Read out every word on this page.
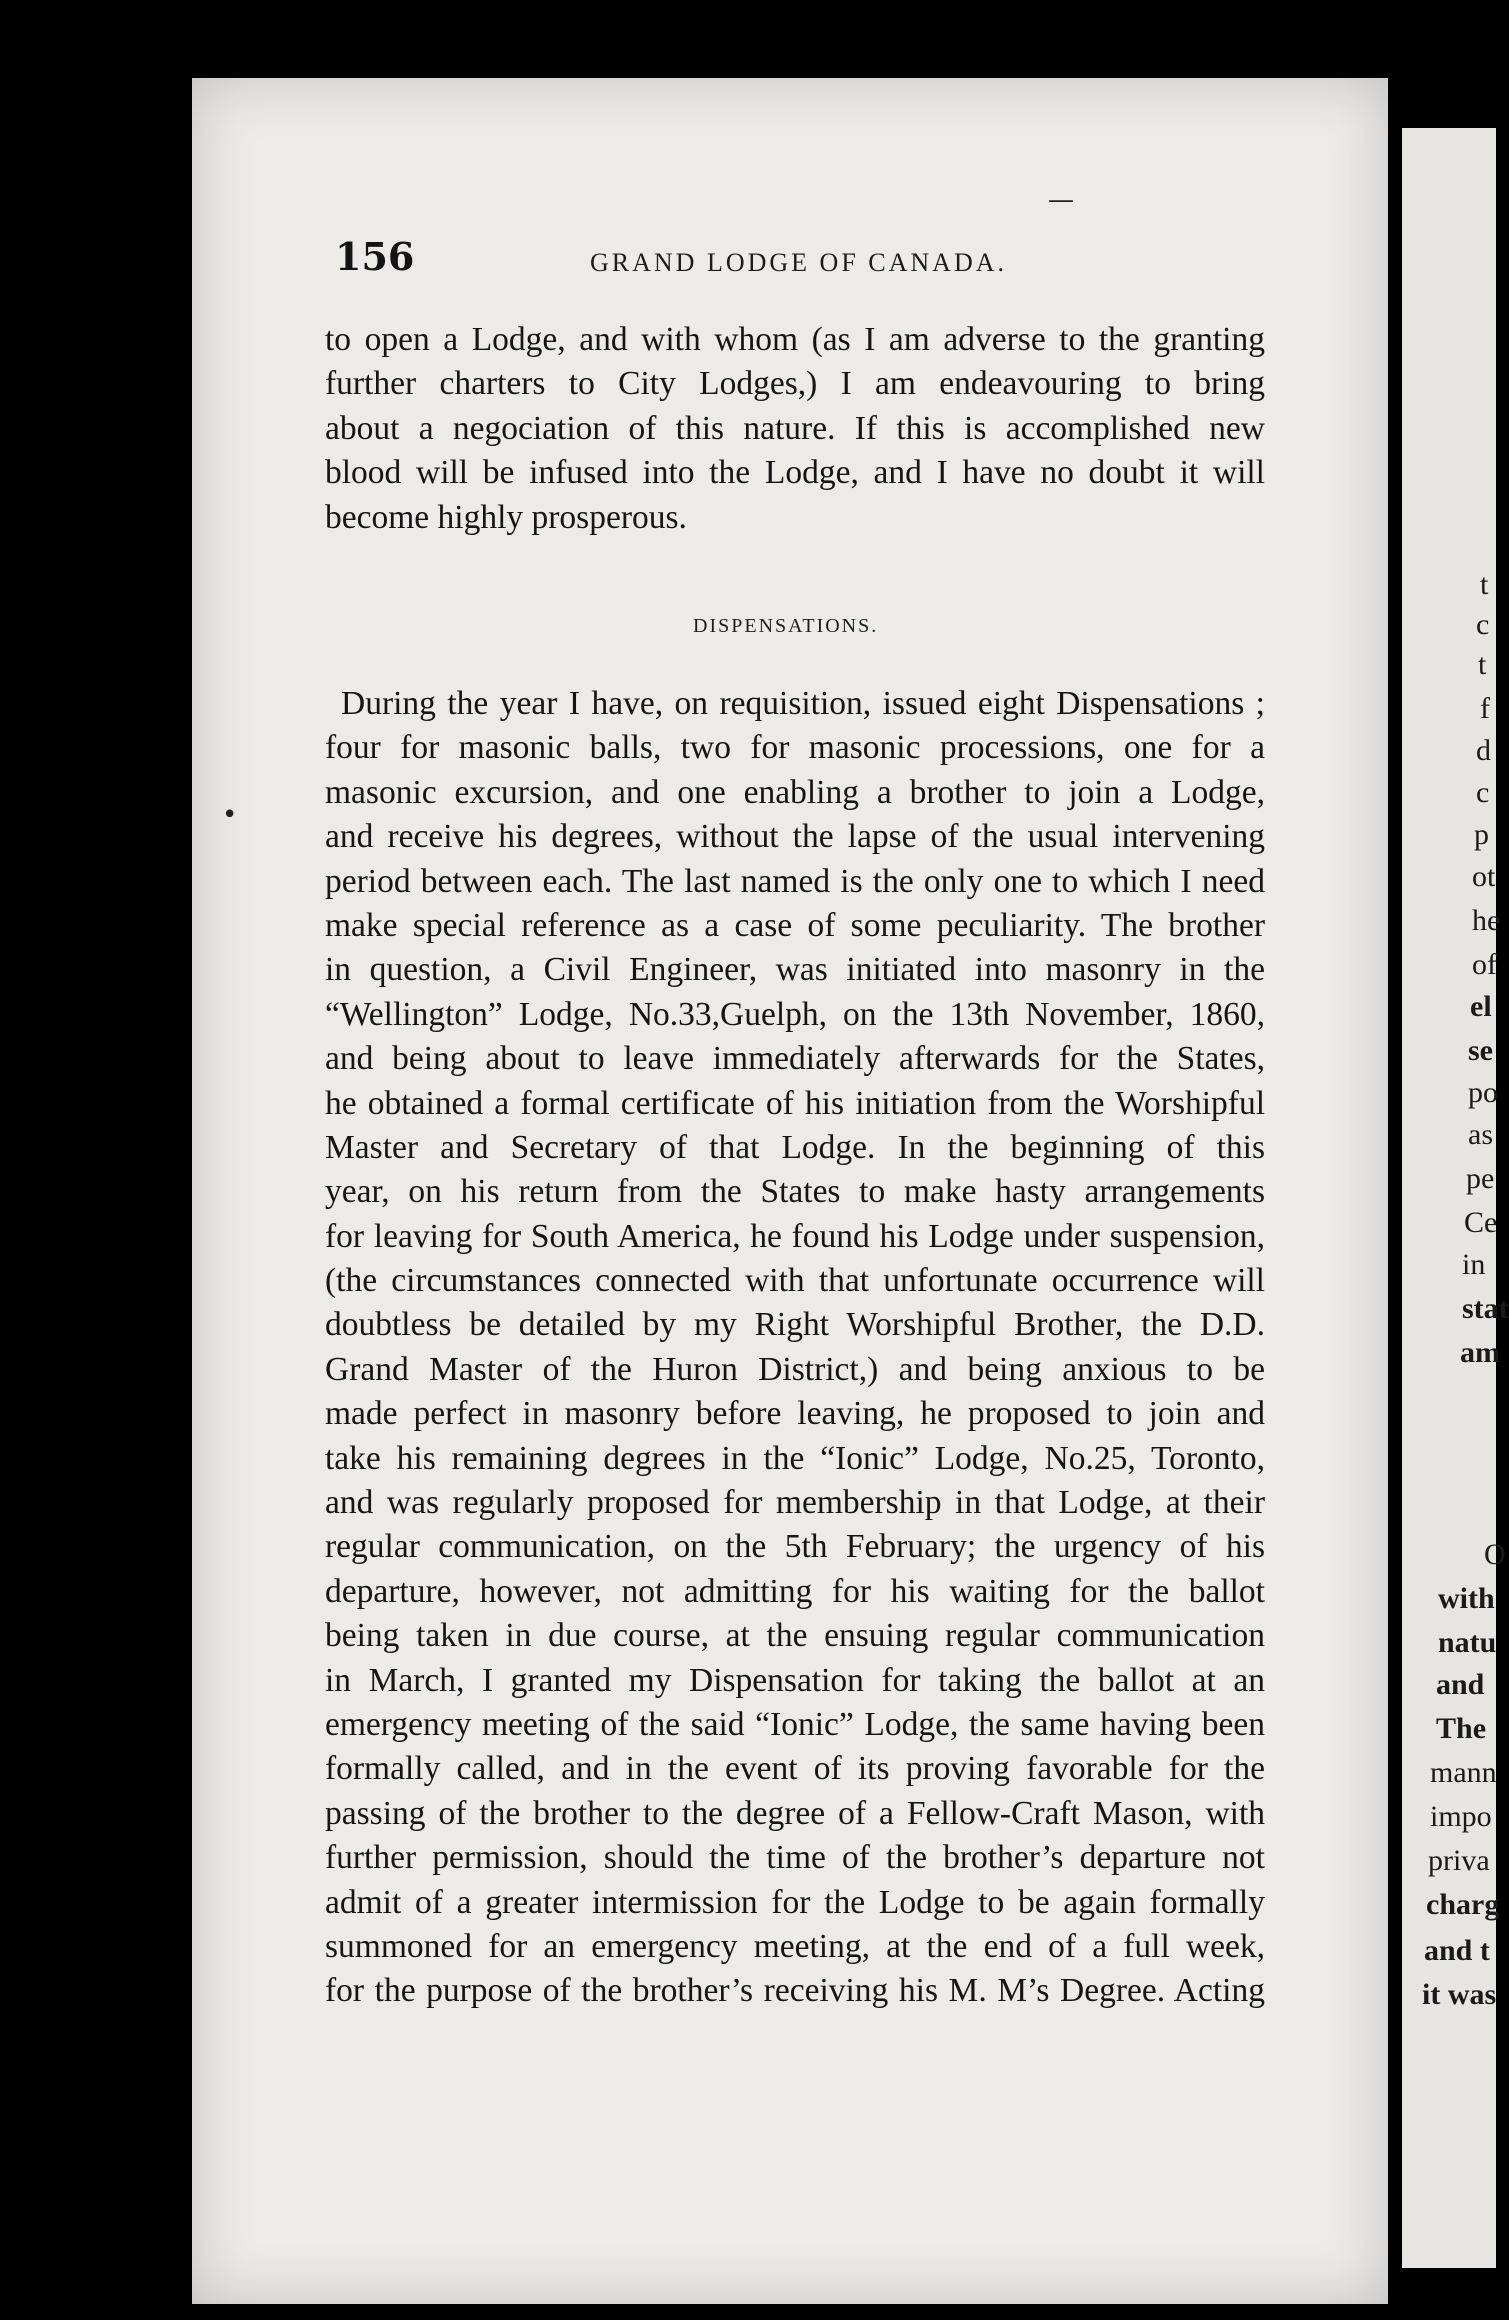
156	GRAND LODGE OF CANADA.
to open a Lodge, and with whom (as I am adverse to the granting
further charters to City Lodges,) I am endeavouring to bring
about a negociation of this nature. If this is accomplished new
blood will be infused into the Lodge, and I have no doubt it will
become highly prosperous.
DISPENSATIONS.
During the year I have, on requisition, issued eight Dispensations ;
four for masonic balls, two for masonic processions, one for a
masonic excursion, and one enabling a brother to join a Lodge,
and receive his degrees, without the lapse of the usual intervening
period between each. The last named is the only one to which I need
make special reference as a case of some peculiarity. The brother
in question, a Civil Engineer, was initiated into masonry in the
“Wellington” Lodge, No.33,Guelph, on the 13th November, 1860,
and being about to leave immediately afterwards for the States,
he obtained a formal certificate of his initiation from the Worshipful
Master and Secretary of that Lodge. In the beginning of this
year, on his return from the States to make hasty arrangements
for leaving for South America, he found his Lodge under suspension,
(the circumstances connected with that unfortunate occurrence will
doubtless be detailed by my Right Worshipful Brother, the D.D.
Grand Master of the Huron District,) and being anxious to be
made perfect in masonry before leaving, he proposed to join and
take his remaining degrees in the “Ionic” Lodge, No.25, Toronto,
and was regularly proposed for membership in that Lodge, at their
regular communication, on the 5th February; the urgency of his
departure, however, not admitting for his waiting for the ballot
being taken in due course, at the ensuing regular communication
in March, I granted my Dispensation for taking the ballot at an
emergency meeting of the said “Ionic” Lodge, the same having been
formally called, and in the event of its proving favorable for the
passing of the brother to the degree of a Fellow-Craft Mason, with
further permission, should the time of the brother’s departure not
admit of a greater intermission for the Lodge to be again formally
summoned for an emergency meeting, at the end of a full week,
for the purpose of the brother’s receiving his M. M’s Degree. Acting
t
c
t
f
d
c
p
ot
he
of
el
se
po
as
pe
Ce
in
stat
am
O
with
natu
and
The
mann
impo
priva
charg
and t
it was
—
•
